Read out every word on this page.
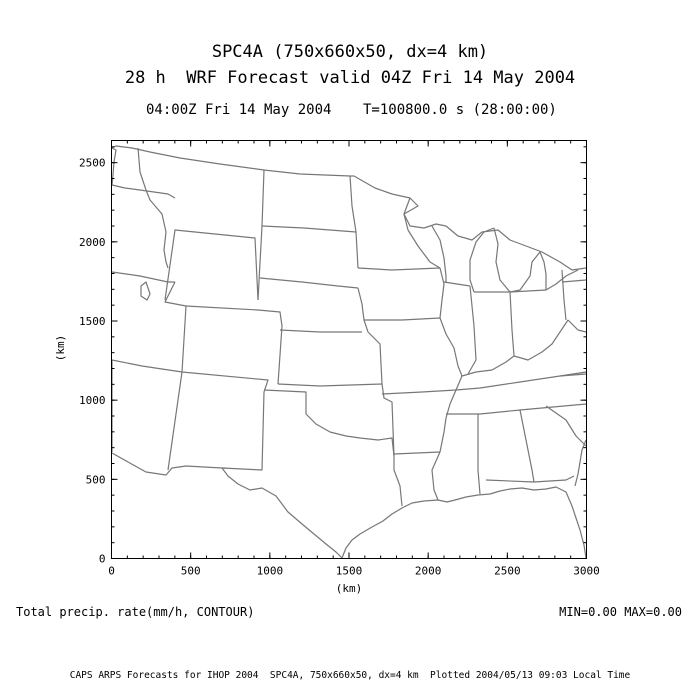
SPC4A (750x660x50, dx=4 km)
28 h  WRF Forecast valid 04Z Fri 14 May 2004
04:00Z Fri 14 May 2004 T=100800.0 s (28:00:00)
0	500	1000	1500	2000	2500	3000
0
500
1000
1500
2000
2500
(km)
(km)
Total precip. rate(mm/h, CONTOUR)	MIN=0.00 MAX=0.00
CAPS ARPS Forecasts for IHOP 2004  SPC4A, 750x660x50, dx=4 km  Plotted 2004/05/13 09:03 Local Time
